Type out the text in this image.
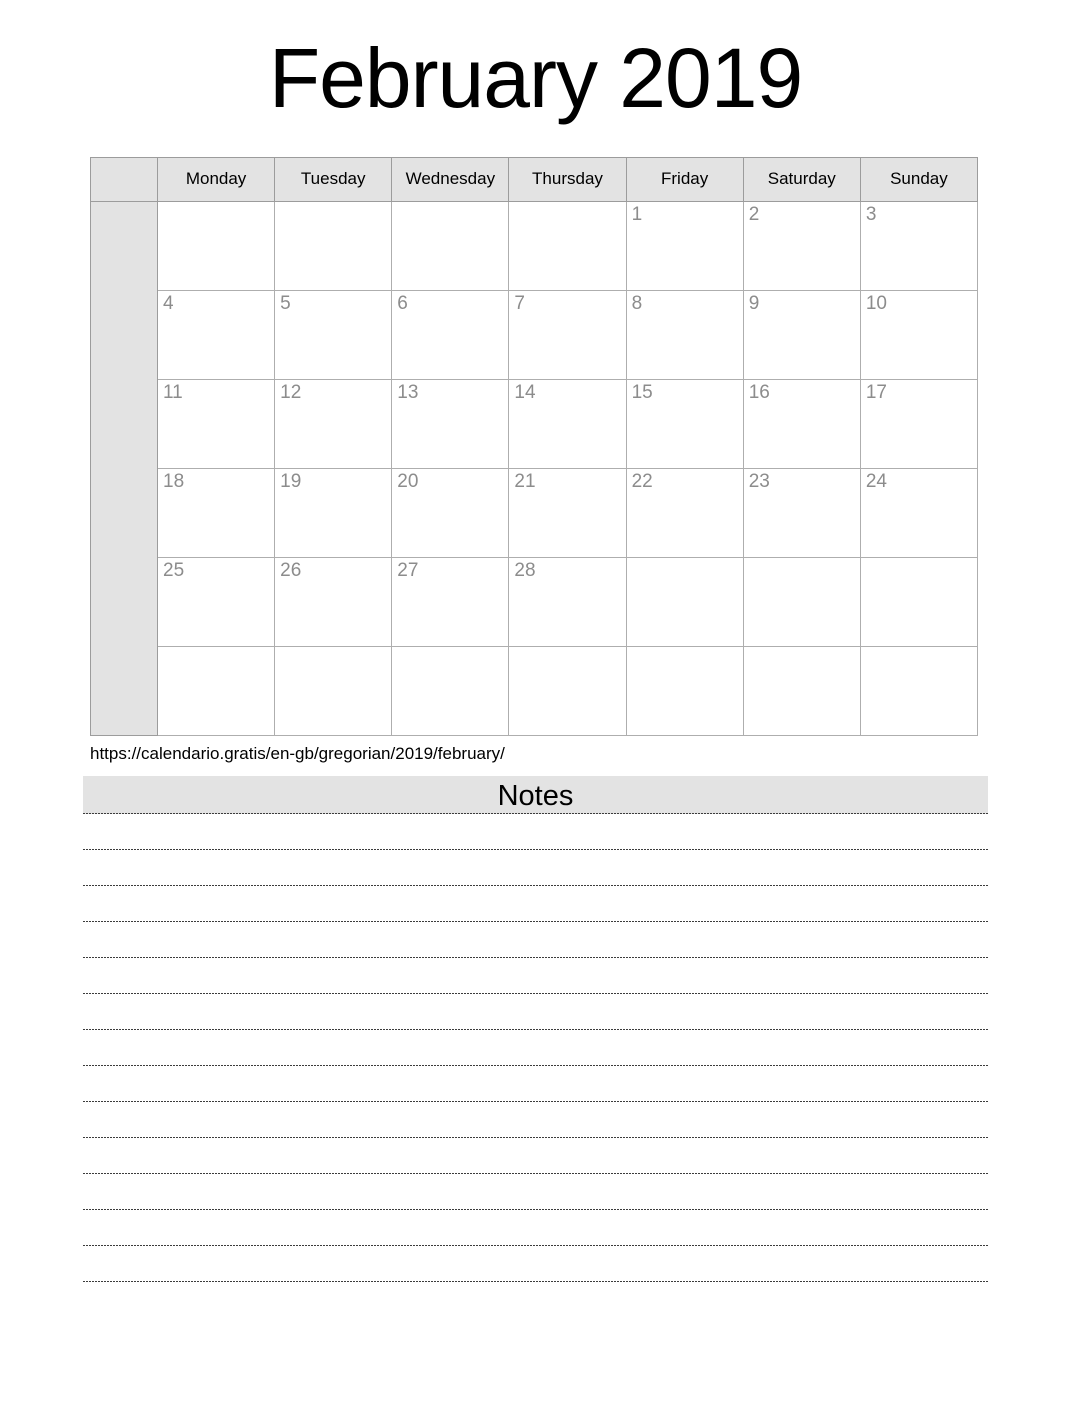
February 2019
	Monday	Tuesday	Wednesday	Thursday	Friday	Saturday	Sunday
					1	2	3
	4	5	6	7	8	9	10
	11	12	13	14	15	16	17
	18	19	20	21	22	23	24
	25	26	27	28			

https://calendario.gratis/en-gb/gregorian/2019/february/
Notes
